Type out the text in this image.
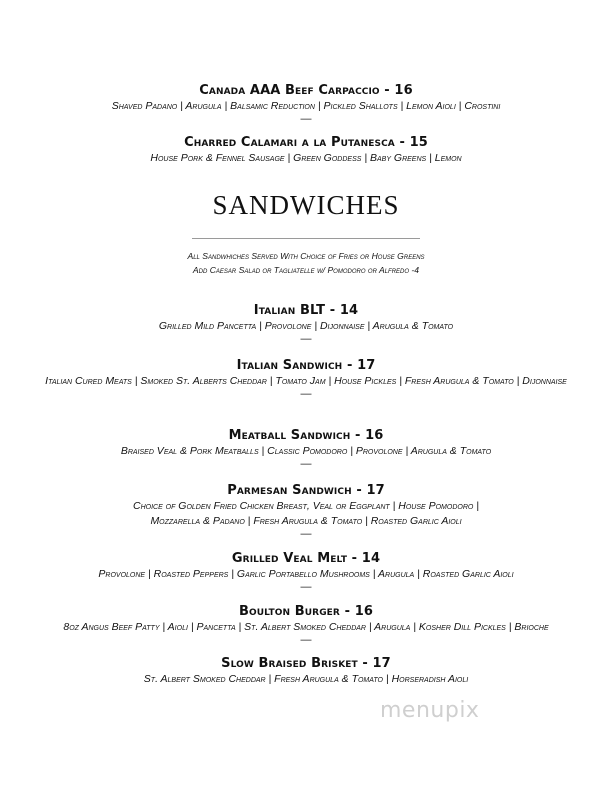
Canada AAA Beef Carpaccio - 16
Shaved Padano | Arugula | Balsamic Reduction | Pickled Shallots | Lemon Aioli | Crostini
—
Charred Calamari a la Putanesca - 15
House Pork & Fennel Sausage | Green Goddess | Baby Greens | Lemon
SANDWICHES
All Sandwhiches Served With Choice of Fries or House Greens
Add Caesar Salad or Tagliatelle w/ Pomodoro or Alfredo -4
Italian BLT - 14
Grilled Mild Pancetta | Provolone | Dijonnaise | Arugula & Tomato
—
Italian Sandwich - 17
Italian Cured Meats | Smoked St. Alberts Cheddar | Tomato Jam | House Pickles | Fresh Arugula & Tomato | Dijonnaise
—
Meatball Sandwich - 16
Braised Veal & Pork Meatballs | Classic Pomodoro | Provolone | Arugula & Tomato
—
Parmesan Sandwich - 17
Choice of Golden Fried Chicken Breast, Veal or Eggplant | House Pomodoro | Mozzarella & Padano | Fresh Arugula & Tomato | Roasted Garlic Aioli
—
Grilled Veal Melt - 14
Provolone | Roasted Peppers | Garlic Portabello Mushrooms | Arugula | Roasted Garlic Aioli
—
Boulton Burger - 16
8oz Angus Beef Patty | Aioli | Pancetta | St. Albert Smoked Cheddar | Arugula | Kosher Dill Pickles | Brioche
—
Slow Braised Brisket - 17
St. Albert Smoked Cheddar | Fresh Arugula & Tomato | Horseradish Aioli
menupix
